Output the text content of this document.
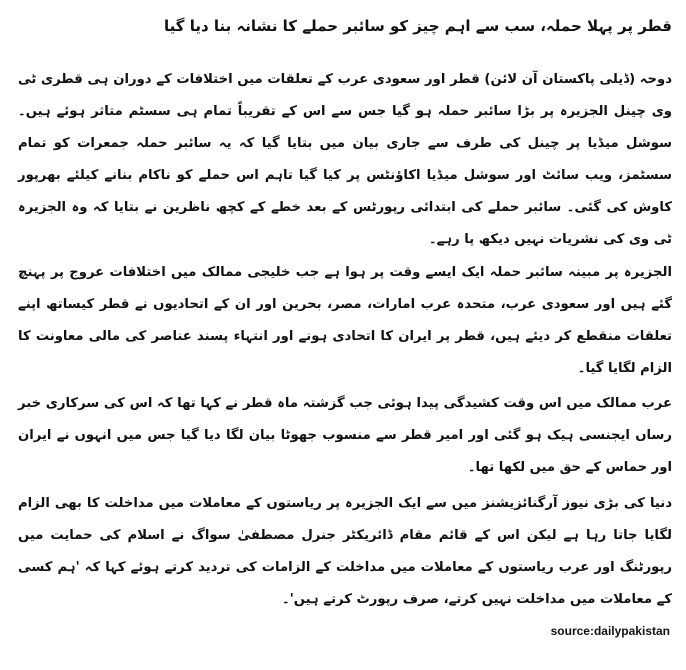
قطر پر پہلا حملہ، سب سے اہم چیز کو سائبر حملے کا نشانہ بنا دیا گیا

دوحہ (ڈیلی پاکستان آن لائن) قطر اور سعودی عرب کے تعلقات میں اختلافات کے دوران ہی قطری ٹی وی چینل الجزیرہ پر بڑا سائبر حملہ ہو گیا جس سے اس کے تقریباً تمام ہی سسٹم متاثر ہوئے ہیں۔ سوشل میڈیا پر چینل کی طرف سے جاری بیان میں بتایا گیا کہ یہ سائبر حملہ جمعرات کو تمام سسٹمز، ویب سائٹ اور سوشل میڈیا اکاؤنٹس پر کیا گیا تاہم اس حملے کو ناکام بنانے کیلئے بھرپور کاوش کی گئی۔ سائبر حملے کی ابتدائی رپورٹس کے بعد خطے کے کچھ ناظرین نے بتایا کہ وہ الجزیرہ ٹی وی کی نشریات نہیں دیکھ پا رہے۔

الجزیرہ پر مبینہ سائبر حملہ ایک ایسے وقت پر ہوا ہے جب خلیجی ممالک میں اختلافات عروج پر پہنچ گئے ہیں اور سعودی عرب، متحدہ عرب امارات، مصر، بحرین اور ان کے اتحادیوں نے قطر کیساتھ اپنے تعلقات منقطع کر دیئے ہیں، قطر پر ایران کا اتحادی ہونے اور انتہاء پسند عناصر کی مالی معاونت کا الزام لگایا گیا۔

عرب ممالک میں اس وقت کشیدگی پیدا ہوئی جب گزشتہ ماہ قطر نے کہا تھا کہ اس کی سرکاری خبر رساں ایجنسی ہیک ہو گئی اور امیر قطر سے منسوب جھوٹا بیان لگا دیا گیا جس میں انہوں نے ایران اور حماس کے حق میں لکھا تھا۔

دنیا کی بڑی نیوز آرگنائزیشنز میں سے ایک الجزیرہ پر ریاستوں کے معاملات میں مداخلت کا بھی الزام لگایا جاتا رہا ہے لیکن اس کے قائم مقام ڈائریکٹر جنرل مصطفیٰ سواگ نے اسلام کی حمایت میں رپورٹنگ اور عرب ریاستوں کے معاملات میں مداخلت کے الزامات کی تردید کرتے ہوئے کہا کہ 'ہم کسی کے معاملات میں مداخلت نہیں کرتے، صرف رپورٹ کرتے ہیں'۔

source:dailypakistan
